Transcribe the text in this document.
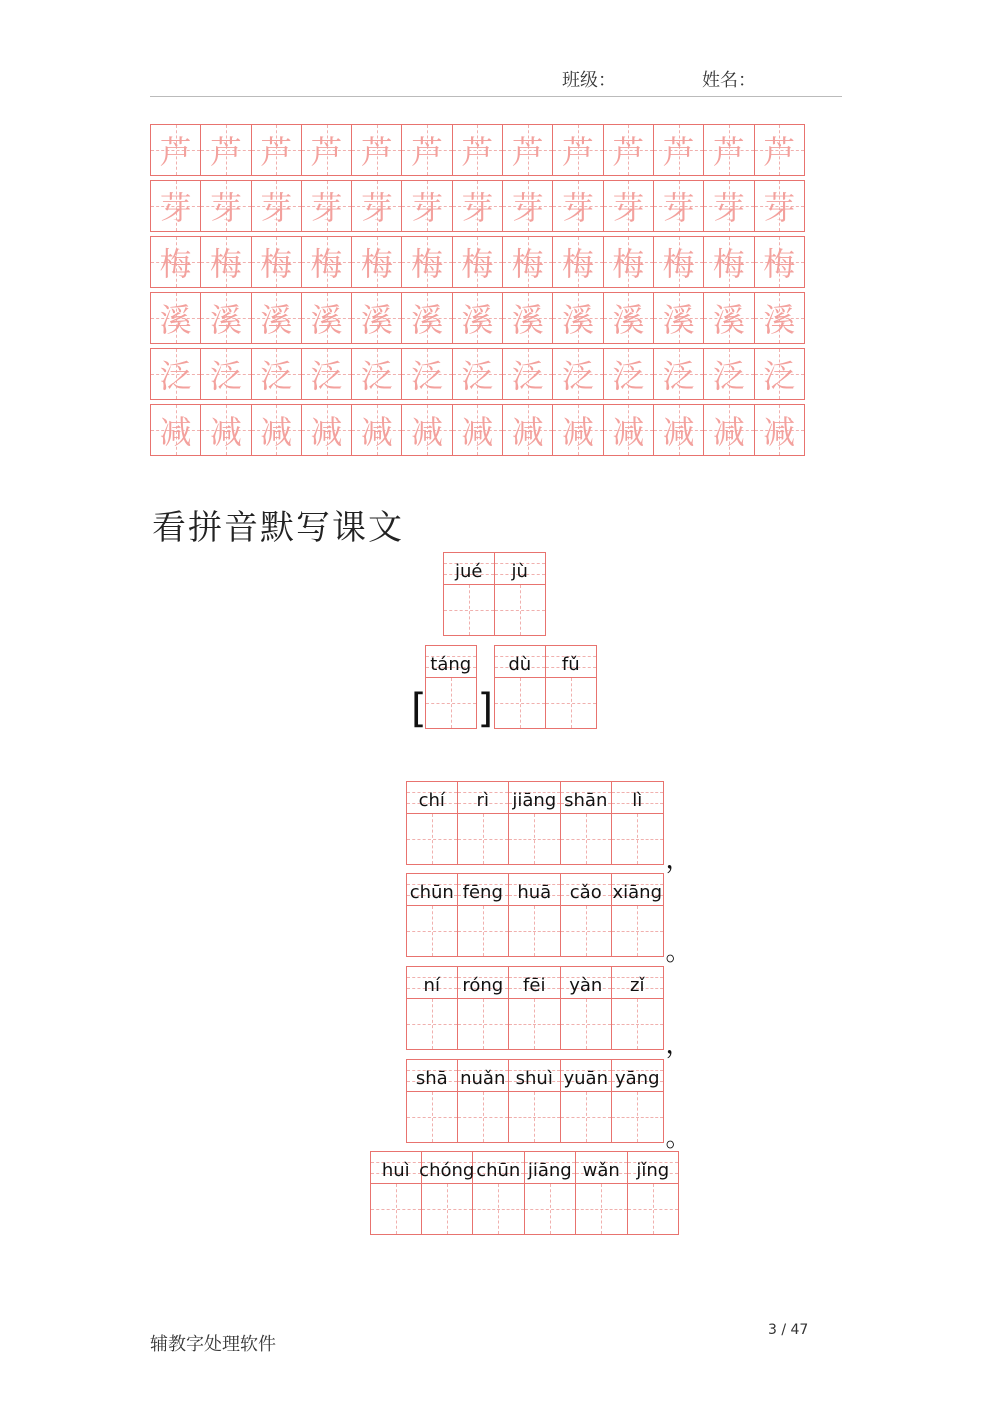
班级：	姓名：
芦 芦 芦 芦 芦 芦 芦 芦 芦 芦 芦 芦 芦
芽 芽 芽 芽 芽 芽 芽 芽 芽 芽 芽 芽 芽
梅 梅 梅 梅 梅 梅 梅 梅 梅 梅 梅 梅 梅
溪 溪 溪 溪 溪 溪 溪 溪 溪 溪 溪 溪 溪
泛 泛 泛 泛 泛 泛 泛 泛 泛 泛 泛 泛 泛
减 减 减 减 减 减 减 减 减 减 减 减 减
看拼音默写课文
jué jù
táng
[ ]
dù fǔ
chí rì jiāng shān lì
，
chūn fēng huā cǎo xiāng
。
ní róng fēi yàn zǐ
，
shā nuǎn shuì yuān yāng
。
huì chóng chūn jiāng wǎn jǐng
辅教字处理软件
3 / 47
